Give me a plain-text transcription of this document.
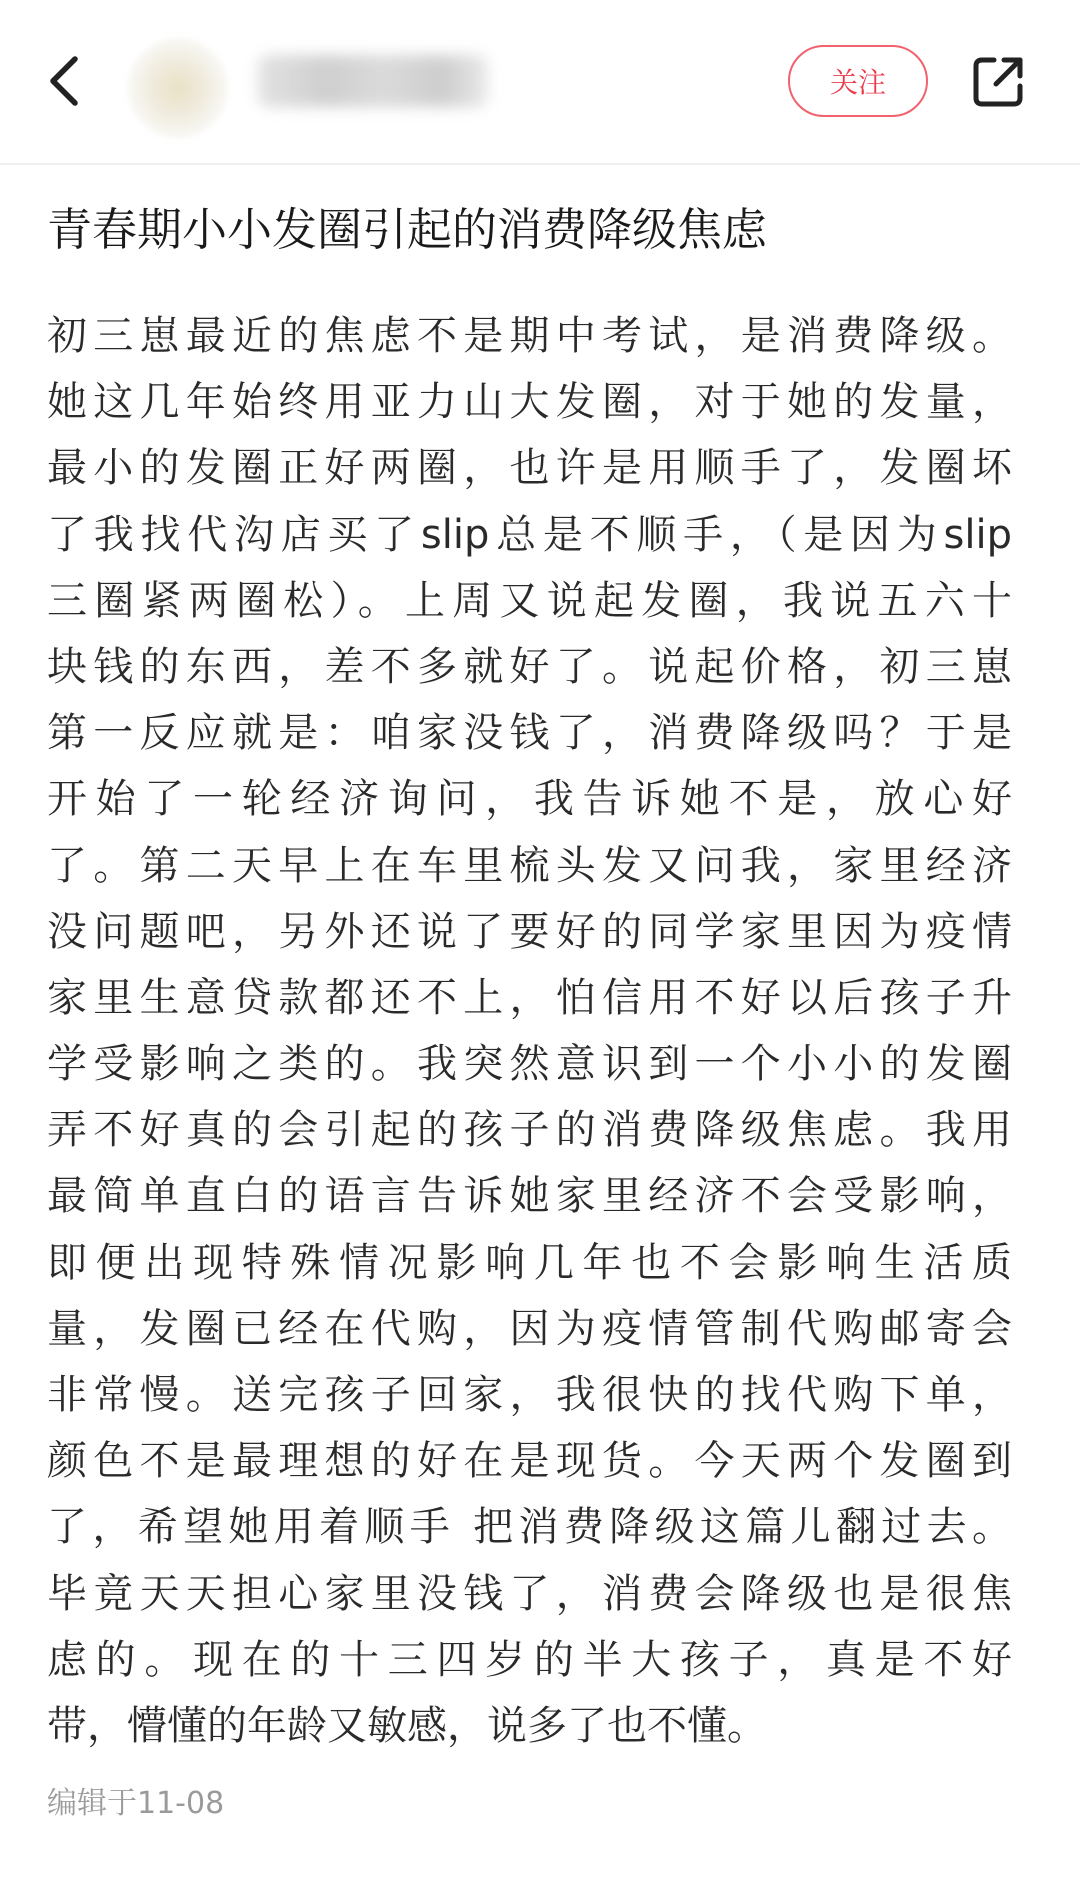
关注
青春期小小发圈引起的消费降级焦虑
初三崽最近的焦虑不是期中考试，是消费降级。
她这几年始终用亚力山大发圈，对于她的发量，
最小的发圈正好两圈，也许是用顺手了，发圈坏
了我找代沟店买了slip总是不顺手，（是因为slip
三圈紧两圈松）。上周又说起发圈，我说五六十
块钱的东西，差不多就好了。说起价格，初三崽
第一反应就是：咱家没钱了，消费降级吗？于是
开始了一轮经济询问，我告诉她不是，放心好
了。第二天早上在车里梳头发又问我，家里经济
没问题吧，另外还说了要好的同学家里因为疫情
家里生意贷款都还不上，怕信用不好以后孩子升
学受影响之类的。我突然意识到一个小小的发圈
弄不好真的会引起的孩子的消费降级焦虑。我用
最简单直白的语言告诉她家里经济不会受影响，
即便出现特殊情况影响几年也不会影响生活质
量，发圈已经在代购，因为疫情管制代购邮寄会
非常慢。送完孩子回家，我很快的找代购下单，
颜色不是最理想的好在是现货。今天两个发圈到
了，希望她用着顺手 把消费降级这篇儿翻过去。
毕竟天天担心家里没钱了，消费会降级也是很焦
虑的。现在的十三四岁的半大孩子，真是不好
带，懵懂的年龄又敏感，说多了也不懂。
编辑于11-08
